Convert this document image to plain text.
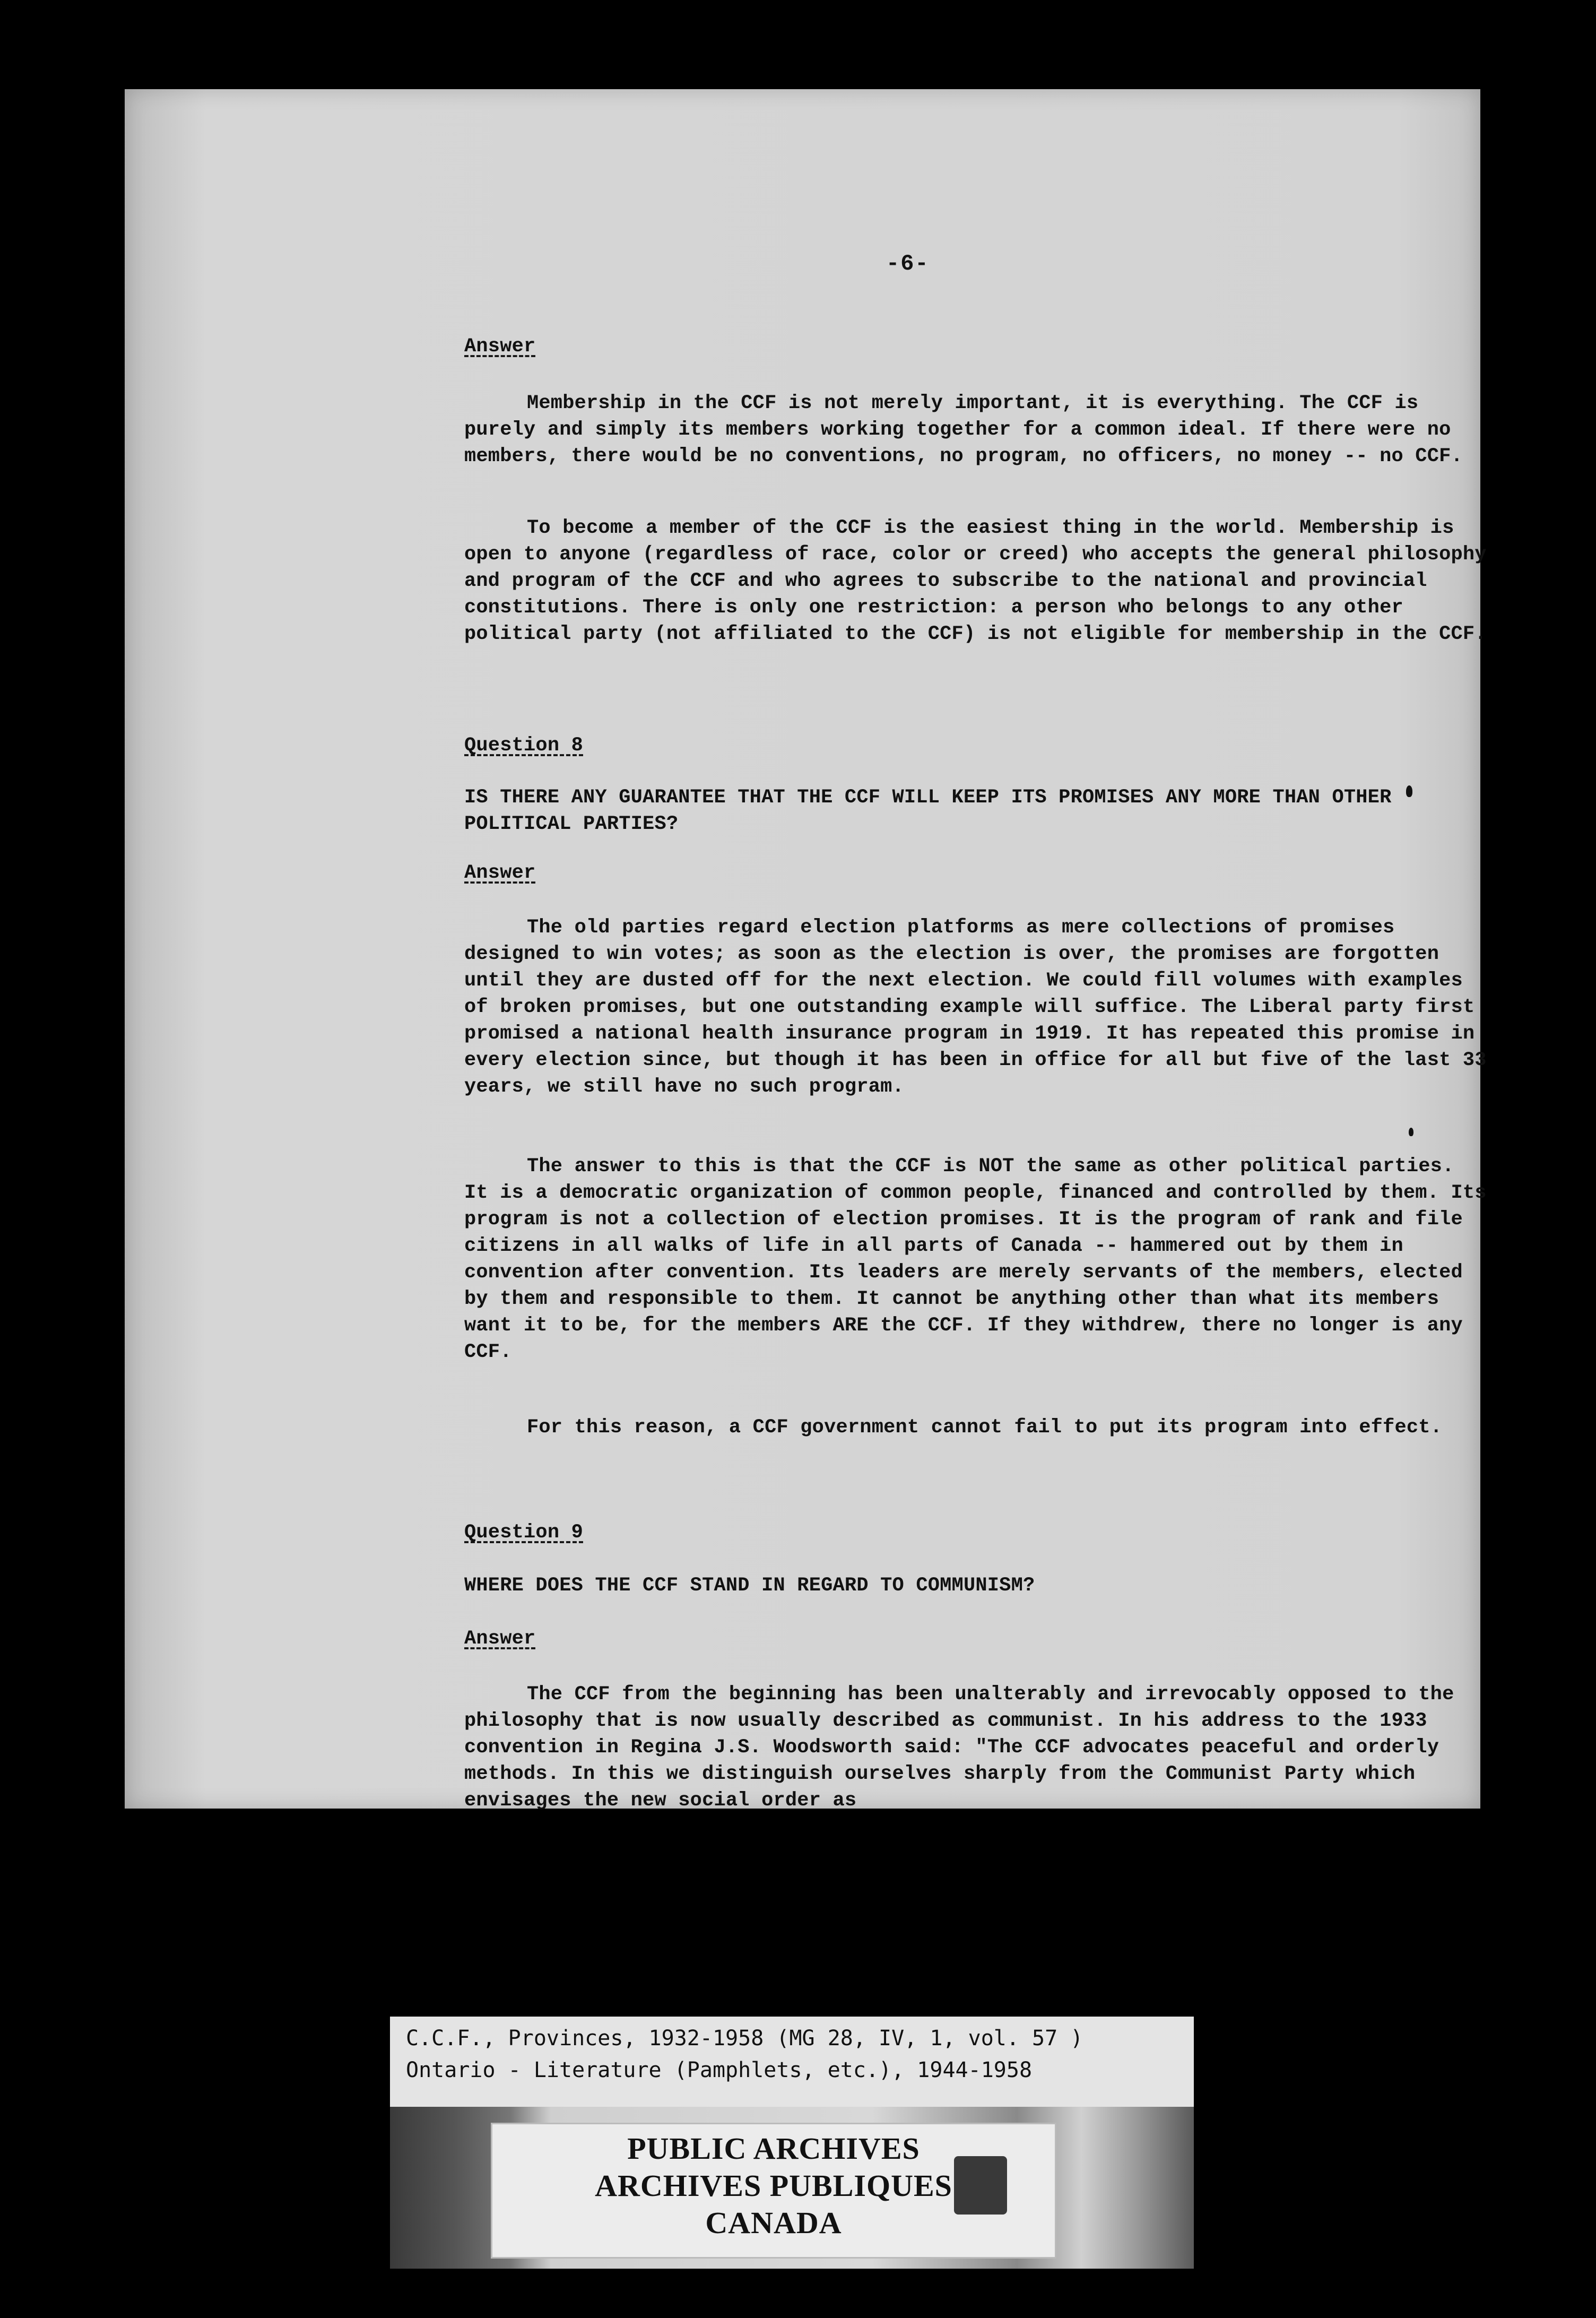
-6-

Answer

Membership in the CCF is not merely important, it is everything. The CCF is purely and simply its members working together for a common ideal. If there were no members, there would be no conventions, no program, no officers, no money -- no CCF.

To become a member of the CCF is the easiest thing in the world. Membership is open to anyone (regardless of race, color or creed) who accepts the general philosophy and program of the CCF and who agrees to subscribe to the national and provincial constitutions. There is only one restriction: a person who belongs to any other political party (not affiliated to the CCF) is not eligible for membership in the CCF.

Question 8

IS THERE ANY GUARANTEE THAT THE CCF WILL KEEP ITS PROMISES ANY MORE THAN OTHER POLITICAL PARTIES?

Answer

The old parties regard election platforms as mere collections of promises designed to win votes; as soon as the election is over, the promises are forgotten until they are dusted off for the next election. We could fill volumes with examples of broken promises, but one outstanding example will suffice. The Liberal party first promised a national health insurance program in 1919. It has repeated this promise in every election since, but though it has been in office for all but five of the last 33 years, we still have no such program.

The answer to this is that the CCF is NOT the same as other political parties. It is a democratic organization of common people, financed and controlled by them. Its program is not a collection of election promises. It is the program of rank and file citizens in all walks of life in all parts of Canada -- hammered out by them in convention after convention. Its leaders are merely servants of the members, elected by them and responsible to them. It cannot be anything other than what its members want it to be, for the members ARE the CCF. If they withdrew, there no longer is any CCF.

For this reason, a CCF government cannot fail to put its program into effect.

Question 9

WHERE DOES THE CCF STAND IN REGARD TO COMMUNISM?

Answer

The CCF from the beginning has been unalterably and irrevocably opposed to the philosophy that is now usually described as communist. In his address to the 1933 convention in Regina J.S. Woodsworth said: "The CCF advocates peaceful and orderly methods. In this we distinguish ourselves sharply from the Communist Party which envisages the new social order as

C.C.F., Provinces, 1932-1958 (MG 28, IV, 1, vol. 57 )
Ontario - Literature (Pamphlets, etc.), 1944-1958
PUBLIC ARCHIVES
ARCHIVES PUBLIQUES
CANADA
